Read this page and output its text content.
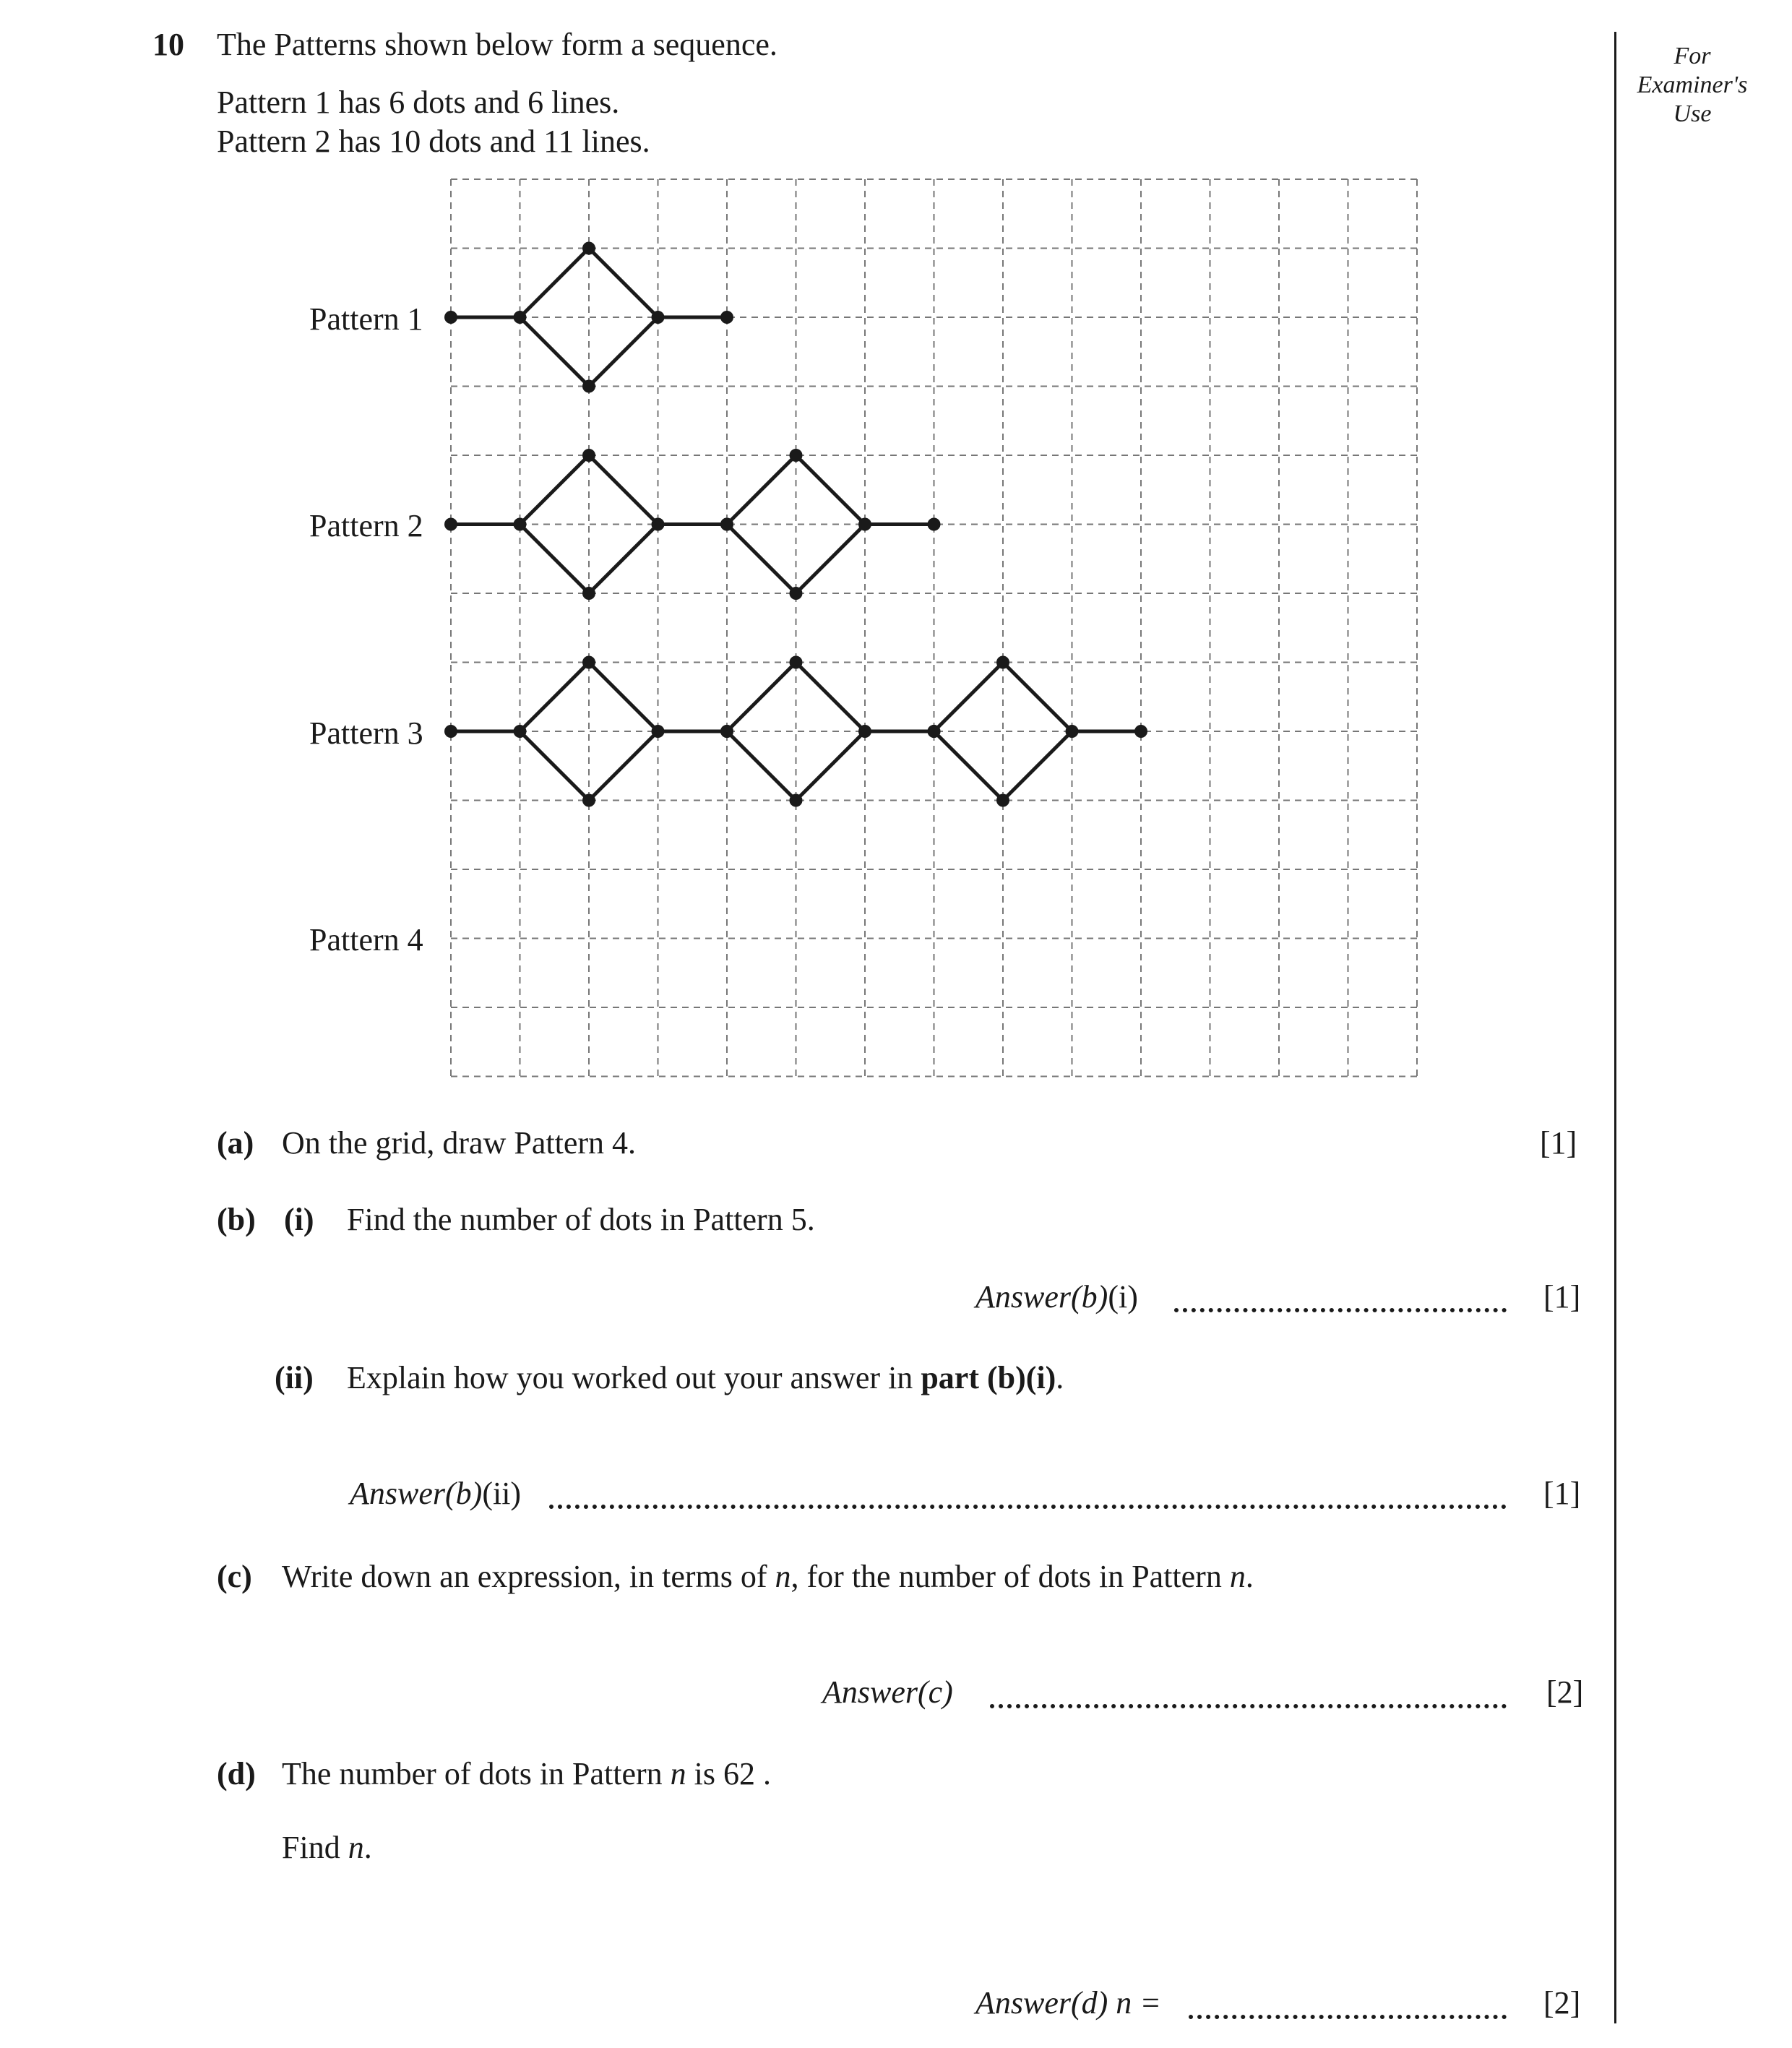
10 The Patterns shown below form a sequence.
Pattern 1 has 6 dots and 6 lines.
Pattern 2 has 10 dots and 11 lines.
For
Examiner's
Use
Pattern 1
Pattern 2
Pattern 3
Pattern 4
(a) On the grid, draw Pattern 4.	[1]
(b) (i) Find the number of dots in Pattern 5.
Answer(b)(i)	[1]
(ii) Explain how you worked out your answer in part (b)(i).
Answer(b)(ii)	[1]
(c) Write down an expression, in terms of n, for the number of dots in Pattern n.
Answer(c)	[2]
(d) The number of dots in Pattern n is 62 .
Find n.
Answer(d) n =	[2]
